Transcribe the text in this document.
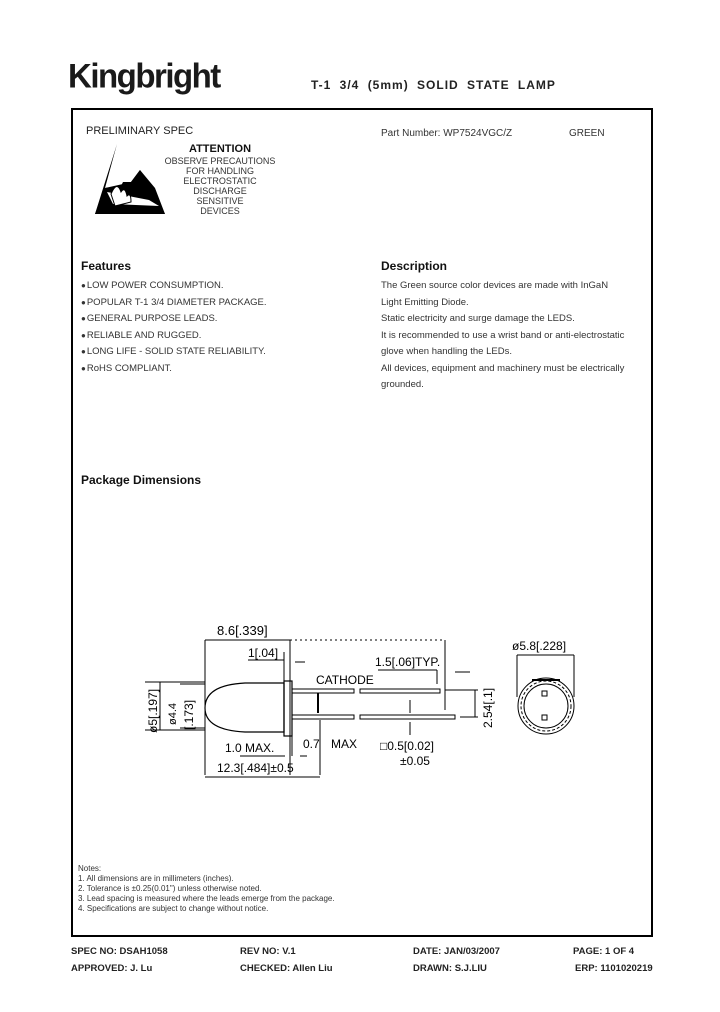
Kingbright	T-1 3/4 (5mm) SOLID STATE LAMP
PRELIMINARY SPEC
ATTENTION
OBSERVE PRECAUTIONS
FOR HANDLING
ELECTROSTATIC
DISCHARGE
SENSITIVE
DEVICES
Part Number: WP7524VGC/Z	GREEN
Features
● LOW POWER CONSUMPTION.
● POPULAR T-1 3/4 DIAMETER PACKAGE.
● GENERAL PURPOSE LEADS.
● RELIABLE AND RUGGED.
● LONG LIFE - SOLID STATE RELIABILITY.
● RoHS COMPLIANT.
Description
The Green source color devices are made with InGaN
Light Emitting Diode.
Static electricity and surge damage the LEDS.
It is recommended to use a wrist band or anti-electrostatic
glove when handling the LEDs.
All devices, equipment and machinery must be electrically
grounded.
Package Dimensions
8.6[.339]
1[.04]
CATHODE
1.5[.06]TYP.
ø5[.197] ø4.4 [.173]
1.0 MAX. 0.7 MAX
12.3[.484]±0.5
□0.5[0.02]
±0.05
2.54[.1]
ø5.8[.228]
Notes:
1. All dimensions are in millimeters (inches).
2. Tolerance is ±0.25(0.01") unless otherwise noted.
3. Lead spacing is measured where the leads emerge from the package.
4. Specifications are subject to change without notice.
SPEC NO: DSAH1058	REV NO: V.1	DATE: JAN/03/2007	PAGE: 1 OF 4
APPROVED: J. Lu	CHECKED: Allen Liu	DRAWN: S.J.LIU	ERP: 1101020219
